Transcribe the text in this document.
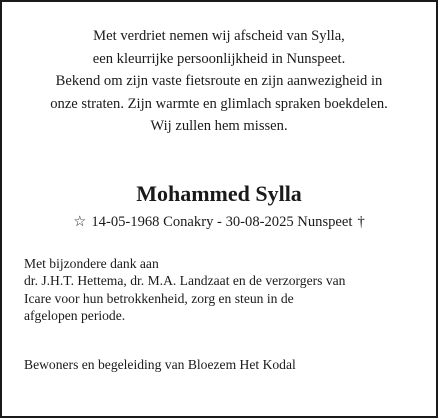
Met verdriet nemen wij afscheid van Sylla,
een kleurrijke persoonlijkheid in Nunspeet.
Bekend om zijn vaste fietsroute en zijn aanwezigheid in
onze straten. Zijn warmte en glimlach spraken boekdelen.
Wij zullen hem missen.

Mohammed Sylla
☆ 14-05-1968 Conakry - 30-08-2025 Nunspeet †

Met bijzondere dank aan
dr. J.H.T. Hettema, dr. M.A. Landzaat en de verzorgers van
Icare voor hun betrokkenheid, zorg en steun in de
afgelopen periode.

Bewoners en begeleiding van Bloezem Het Kodal
